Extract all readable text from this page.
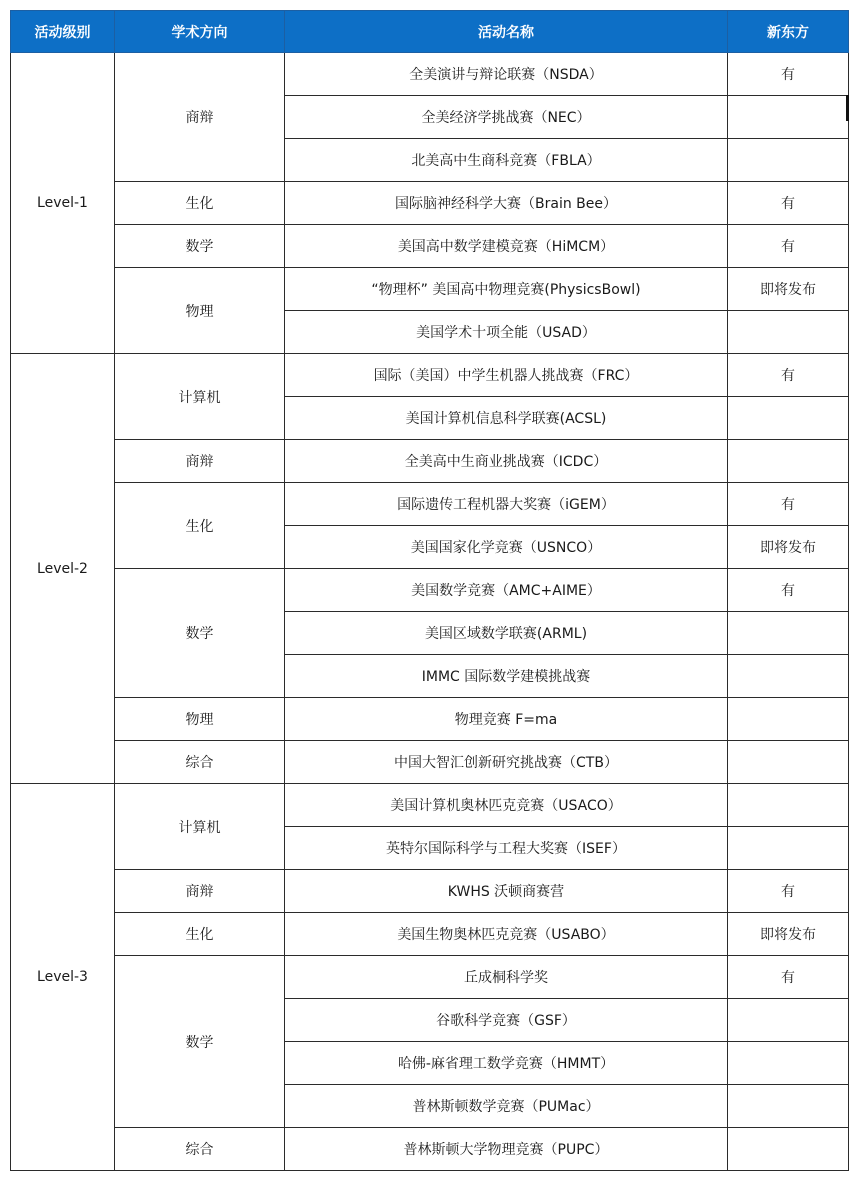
活动级别	学术方向	活动名称	新东方
Level-1	商辩	全美演讲与辩论联赛（NSDA）	有
		全美经济学挑战赛（NEC）	
		北美高中生商科竞赛（FBLA）	
	生化	国际脑神经科学大赛（Brain Bee）	有
	数学	美国高中数学建模竞赛（HiMCM）	有
	物理	“物理杯” 美国高中物理竞赛(PhysicsBowl)	即将发布
		美国学术十项全能（USAD）	
Level-2	计算机	国际（美国）中学生机器人挑战赛（FRC）	有
		美国计算机信息科学联赛(ACSL)	
	商辩	全美高中生商业挑战赛（ICDC）	
	生化	国际遗传工程机器大奖赛（iGEM）	有
		美国国家化学竞赛（USNCO）	即将发布
	数学	美国数学竞赛（AMC+AIME）	有
		美国区域数学联赛(ARML)	
		IMMC 国际数学建模挑战赛	
	物理	物理竞赛 F=ma	
	综合	中国大智汇创新研究挑战赛（CTB）	
Level-3	计算机	美国计算机奥林匹克竞赛（USACO）	
		英特尔国际科学与工程大奖赛（ISEF）	
	商辩	KWHS 沃顿商赛营	有
	生化	美国生物奥林匹克竞赛（USABO）	即将发布
	数学	丘成桐科学奖	有
		谷歌科学竞赛（GSF）	
		哈佛-麻省理工数学竞赛（HMMT）	
		普林斯顿数学竞赛（PUMac）	
	综合	普林斯顿大学物理竞赛（PUPC）	
